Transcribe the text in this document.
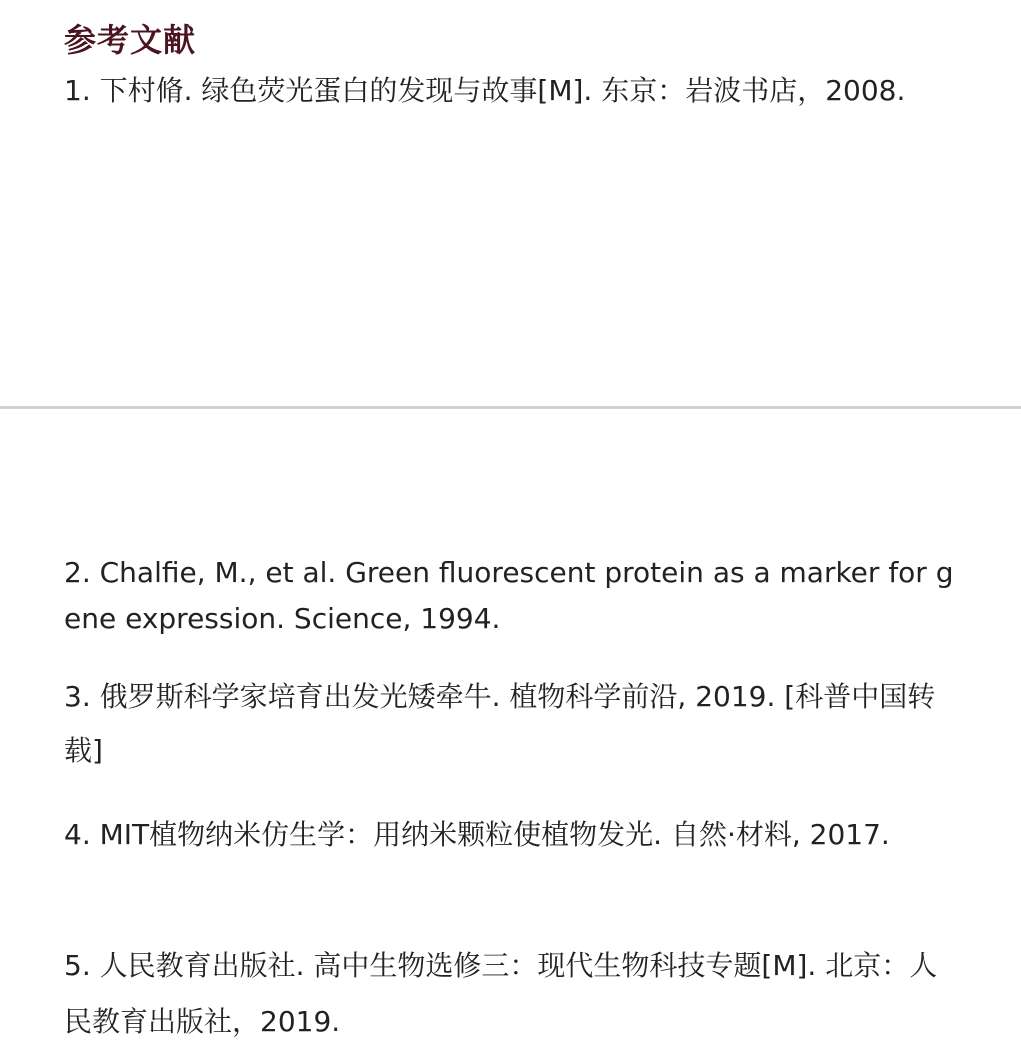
参考文献

1. 下村脩. 绿色荧光蛋白的发现与故事[M]. 东京：岩波书店，2008.

2. Chalfie, M., et al. Green fluorescent protein as a marker for gene expression. Science, 1994.

3. 俄罗斯科学家培育出发光矮牵牛. 植物科学前沿, 2019. [科普中国转载]

4. MIT植物纳米仿生学：用纳米颗粒使植物发光. 自然·材料, 2017.

5. 人民教育出版社. 高中生物选修三：现代生物科技专题[M]. 北京：人民教育出版社，2019.
